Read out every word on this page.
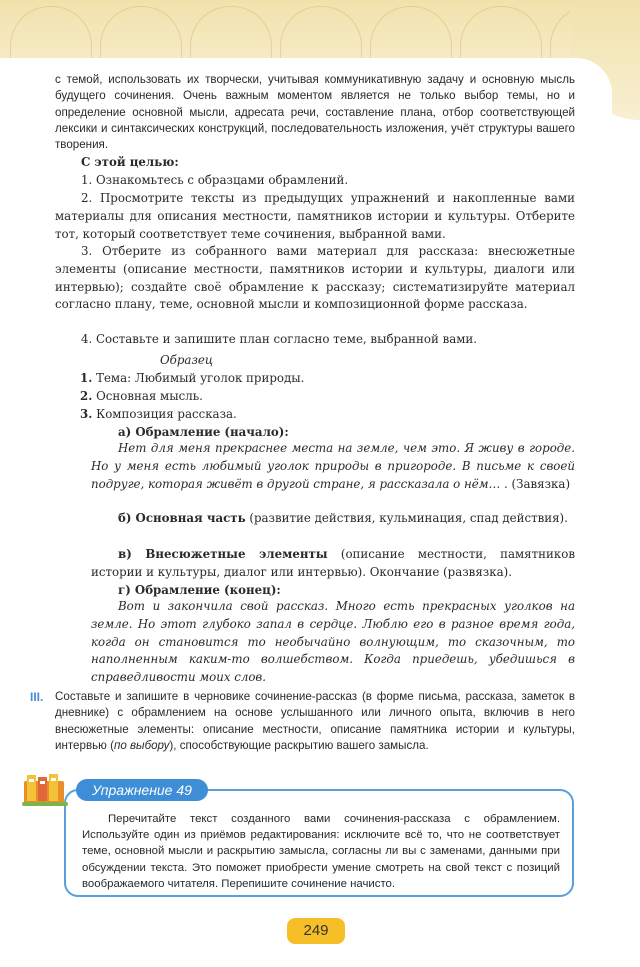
с темой, использовать их творчески, учитывая коммуникативную задачу и основную мысль будущего сочинения. Очень важным моментом является не только выбор темы, но и определение основной мысли, адресата речи, составление плана, отбор соответствующей лексики и синтаксических конструкций, последовательность изложения, учёт структуры вашего творения.

С этой целью:

1. Ознакомьтесь с образцами обрамлений.

2. Просмотрите тексты из предыдущих упражнений и накопленные вами материалы для описания местности, памятников истории и культуры. Отберите тот, который соответствует теме сочинения, выбранной вами.

3. Отберите из собранного вами материал для рассказа: внесюжетные элементы (описание местности, памятников истории и культуры, диалоги или интервью); создайте своё обрамление к рассказу; систематизируйте материал согласно плану, теме, основной мысли и композиционной форме рассказа.

4. Составьте и запишите план согласно теме, выбранной вами.

Образец

1. Тема: Любимый уголок природы.

2. Основная мысль.

3. Композиция рассказа.

а) Обрамление (начало):

Нет для меня прекраснее места на земле, чем это. Я живу в городе. Но у меня есть любимый уголок природы в пригороде. В письме к своей подруге, которая живёт в другой стране, я рассказала о нём… . (Завязка)

б) Основная часть (развитие действия, кульминация, спад действия).

в) Внесюжетные элементы (описание местности, памятников истории и культуры, диалог или интервью). Окончание (развязка).

г) Обрамление (конец):

Вот и закончила свой рассказ. Много есть прекрасных уголков на земле. Но этот глубоко запал в сердце. Люблю его в разное время года, когда он становится то необычайно волнующим, то сказочным, то наполненным каким-то волшебством. Когда приедешь, убедишься в справедливости моих слов.

III. Составьте и запишите в черновике сочинение-рассказ (в форме письма, рассказа, заметок в дневнике) с обрамлением на основе услышанного или личного опыта, включив в него внесюжетные элементы: описание местности, описание памятника истории и культуры, интервью (по выбору), способствующие раскрытию вашего замысла.

Перечитайте текст созданного вами сочинения-рассказа с обрамлением. Используйте один из приёмов редактирования: исключите всё то, что не соответствует теме, основной мысли и раскрытию замысла, согласны ли вы с заменами, данными при обсуждении текста. Это поможет приобрести умение смотреть на свой текст с позиций воображаемого читателя. Перепишите сочинение начисто.

Упражнение 49
249
